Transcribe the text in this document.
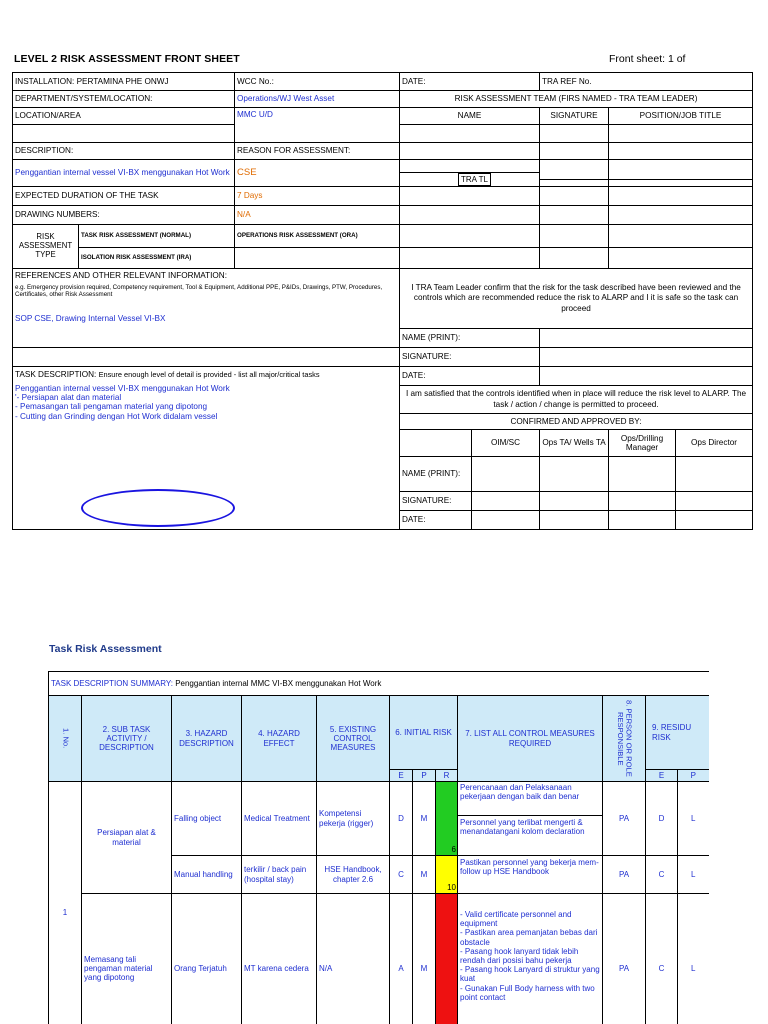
LEVEL 2 RISK ASSESSMENT FRONT SHEET	Front sheet: 1 of
INSTALLATION: PERTAMINA PHE ONWJ		WCC No.:	DATE:		TRA REF No.		
DEPARTMENT/SYSTEM/LOCATION:		Operations/WJ West Asset	RISK ASSESSMENT TEAM (FIRS NAMED - TRA TEAM LEADER)				
LOCATION/AREA		MMC U/D	NAME		SIGNATURE	POSITION/JOB TITLE	

DESCRIPTION:		REASON FOR ASSESSMENT:					
Penggantian internal vessel VI-BX menggunakan Hot Work		CSE	TRA TL				

EXPECTED DURATION OF THE TASK		7 Days					
DRAWING NUMBERS:		N/A					
RISK ASSESSMENT TYPE	TASK RISK ASSESSMENT (NORMAL)	OPERATIONS RISK ASSESSMENT (ORA)					
	ISOLATION RISK ASSESSMENT (IRA)						

REFERENCES AND OTHER RELEVANT INFORMATION:
e.g. Emergency provision required, Competency requirement, Tool & Equipment, Additional PPE, P&IDs, Drawings, PTW, Procedures, Certificates, other Risk Assessment
SOP CSE, Drawing Internal Vessel VI-BX			I TRA Team Leader confirm that the risk for the task described have been reviewed and the controls which are recommended reduce the risk to ALARP and I it is safe so the task can proceed				
			NAME (PRINT):				
			SIGNATURE:				

TASK DESCRIPTION: Ensure enough level of detail is provided - list all major/critical tasks
Penggantian internal vessel VI-BX menggunakan Hot Work
'- Persiapan alat dan material
- Pemasangan tali pengaman material yang dipotong
- Cutting dan Grinding dengan Hot Work didalam vessel			DATE:				
			I am satisfied that the controls identified when in place will reduce the risk level to ALARP. The task / action / change is permitted to proceed.				
			CONFIRMED AND APPROVED BY:				
				OIM/SC	Ops TA/ Wells TA	Ops/Drilling Manager	Ops Director
			NAME (PRINT):				
			SIGNATURE:				
			DATE:				
Task Risk Assessment
TASK DESCRIPTION SUMMARY: Penggantian internal MMC VI-BX menggunakan Hot Work											

1. No.	2. SUB TASK ACTIVITY / DESCRIPTION	3. HAZARD DESCRIPTION	4. HAZARD EFFECT	5. EXISTING CONTROL MEASURES	6. INITIAL RISK			7. LIST ALL CONTROL MEASURES REQUIRED	8. PERSON OR ROLE RESPONSIBLE	9. RESIDU RISK	
					E	P	R			E	P
1	Persiapan alat & material	Falling object	Medical Treatment	Kompetensi pekerja (rigger)	D	M	6	Perencanaan dan Pelaksanaan pekerjaan dengan baik dan benar
Personnel yang terlibat mengerti & menandatangani kolom declaration	PA	D	L
		Manual handling	terkilir / back pain (hospital stay)	HSE Handbook, chapter 2.6	C	M	10	Pastikan personnel yang bekerja mem-follow up HSE Handbook	PA	C	L
	Memasang tali pengaman material yang dipotong	Orang Terjatuh	MT karena cedera	N/A	A	M		- Valid certificate personnel and equipment
- Pastikan area pemanjatan bebas dari obstacle
- Pasang hook lanyard tidak lebih rendah dari posisi bahu pekerja
- Pasang hook Lanyard di struktur yang kuat
- Gunakan Full Body harness with two point contact	PA	C	L
